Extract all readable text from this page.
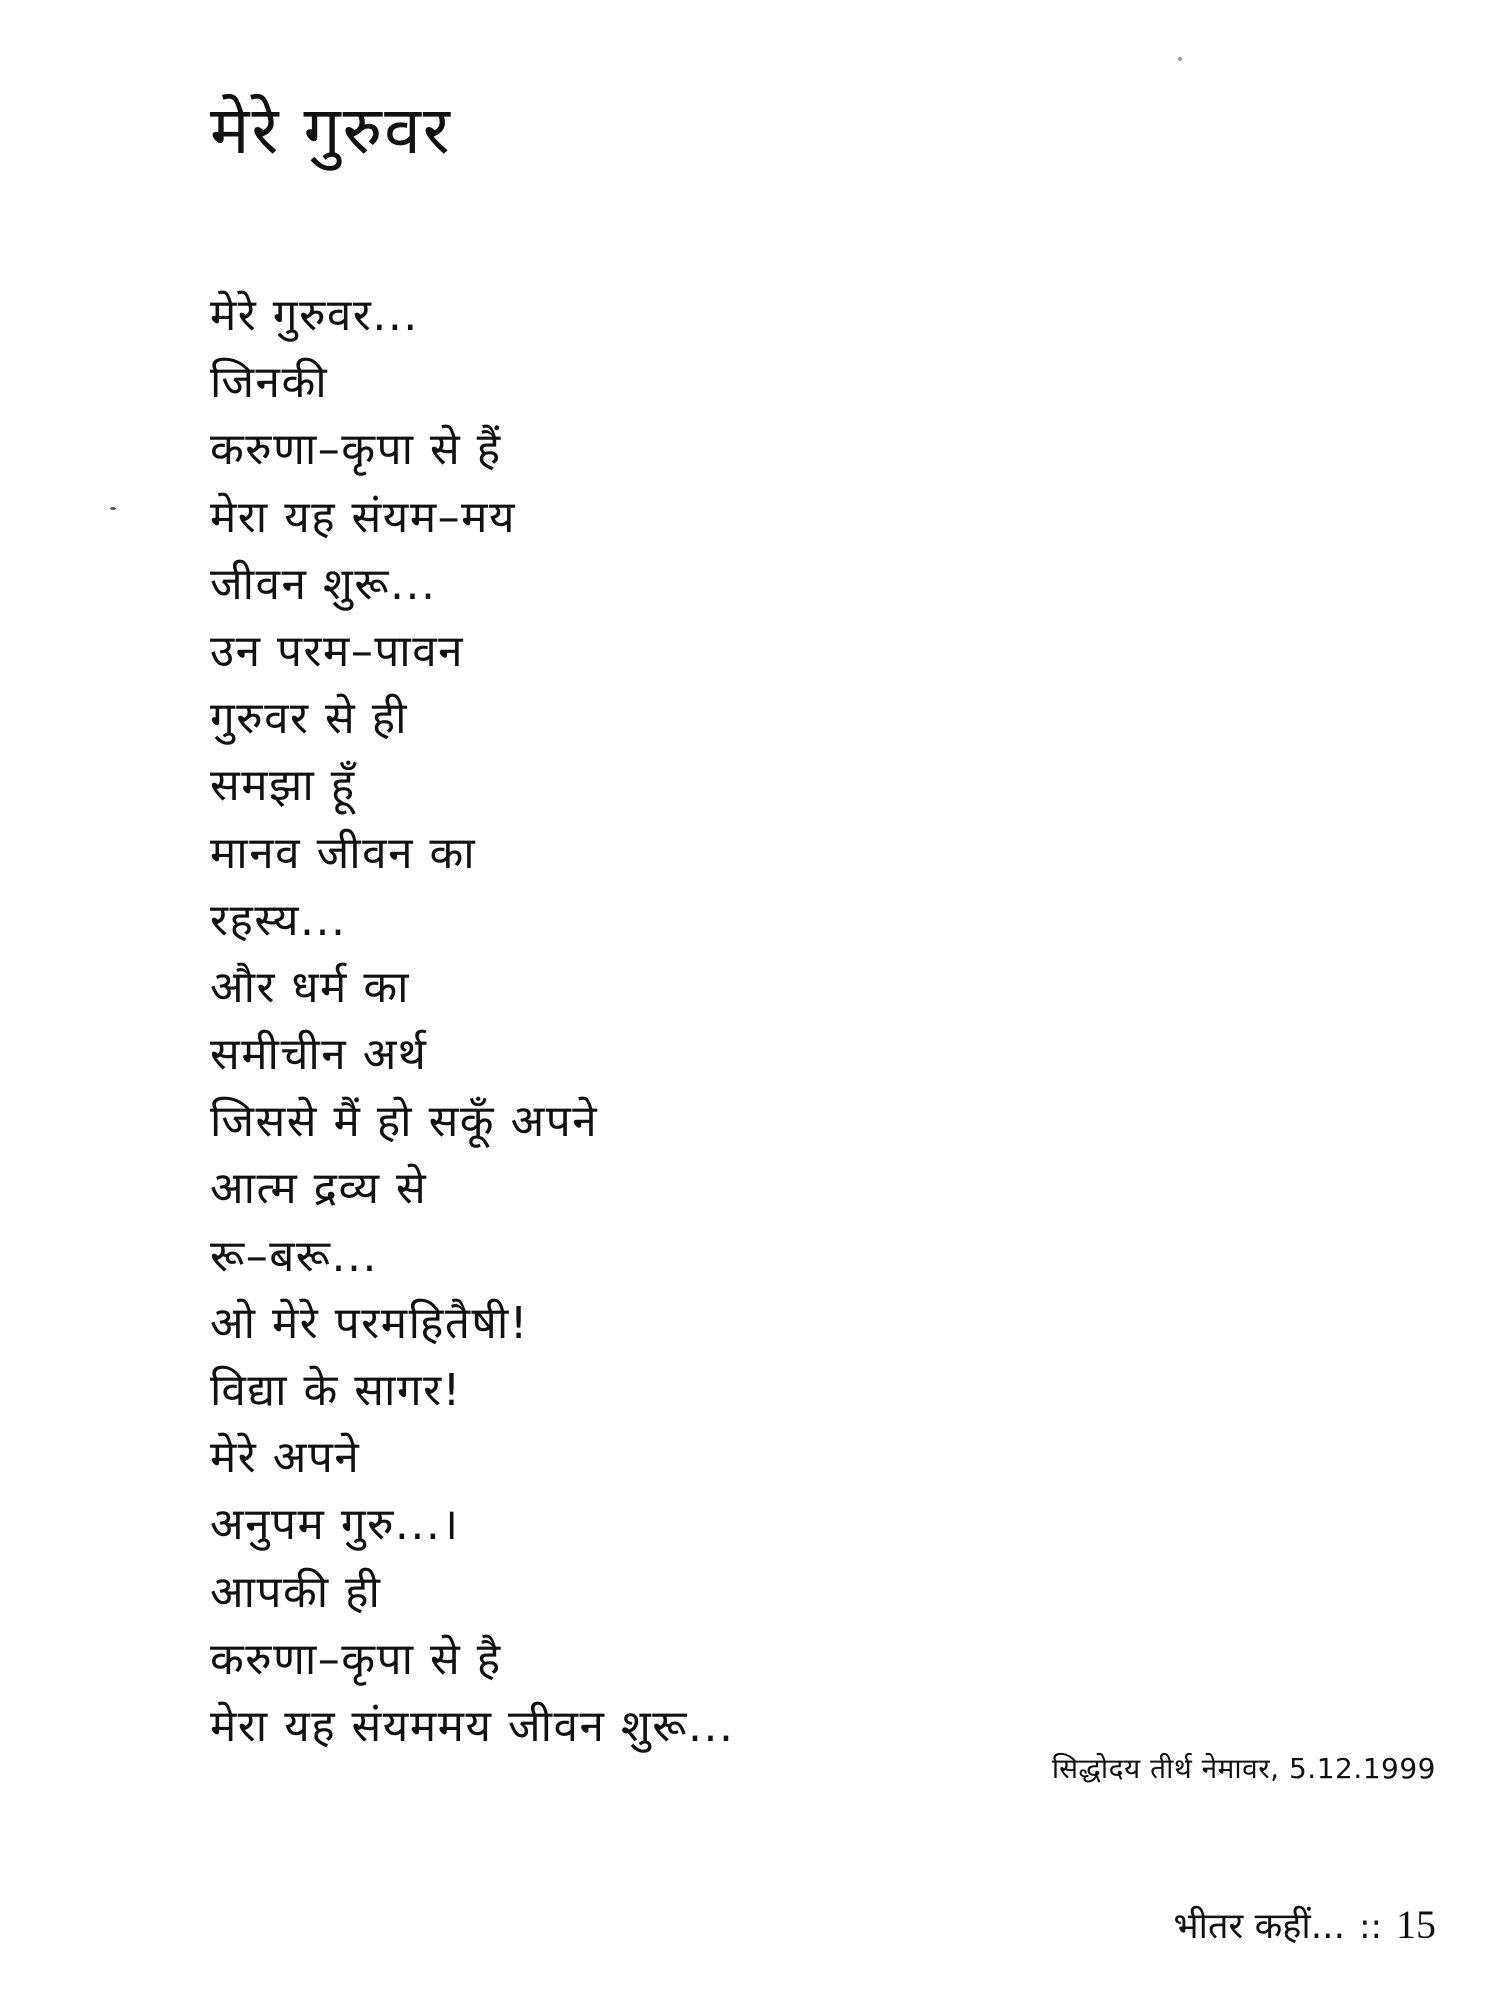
मेरे गुरुवर
मेरे गुरुवर...
जिनकी
करुणा–कृपा से हैं
मेरा यह संयम–मय
जीवन शुरू...
उन परम–पावन
गुरुवर से ही
समझा हूँ
मानव जीवन का
रहस्य...
और धर्म का
समीचीन अर्थ
जिससे मैं हो सकूँ अपने
आत्म द्रव्य से
रू–बरू...
ओ मेरे परमहितैषी!
विद्या के सागर!
मेरे अपने
अनुपम गुरु...।
आपकी ही
करुणा–कृपा से है
मेरा यह संयममय जीवन शुरू...
सिद्धोदय तीर्थ नेमावर, 5.12.1999
भीतर कहीं... :: 15
